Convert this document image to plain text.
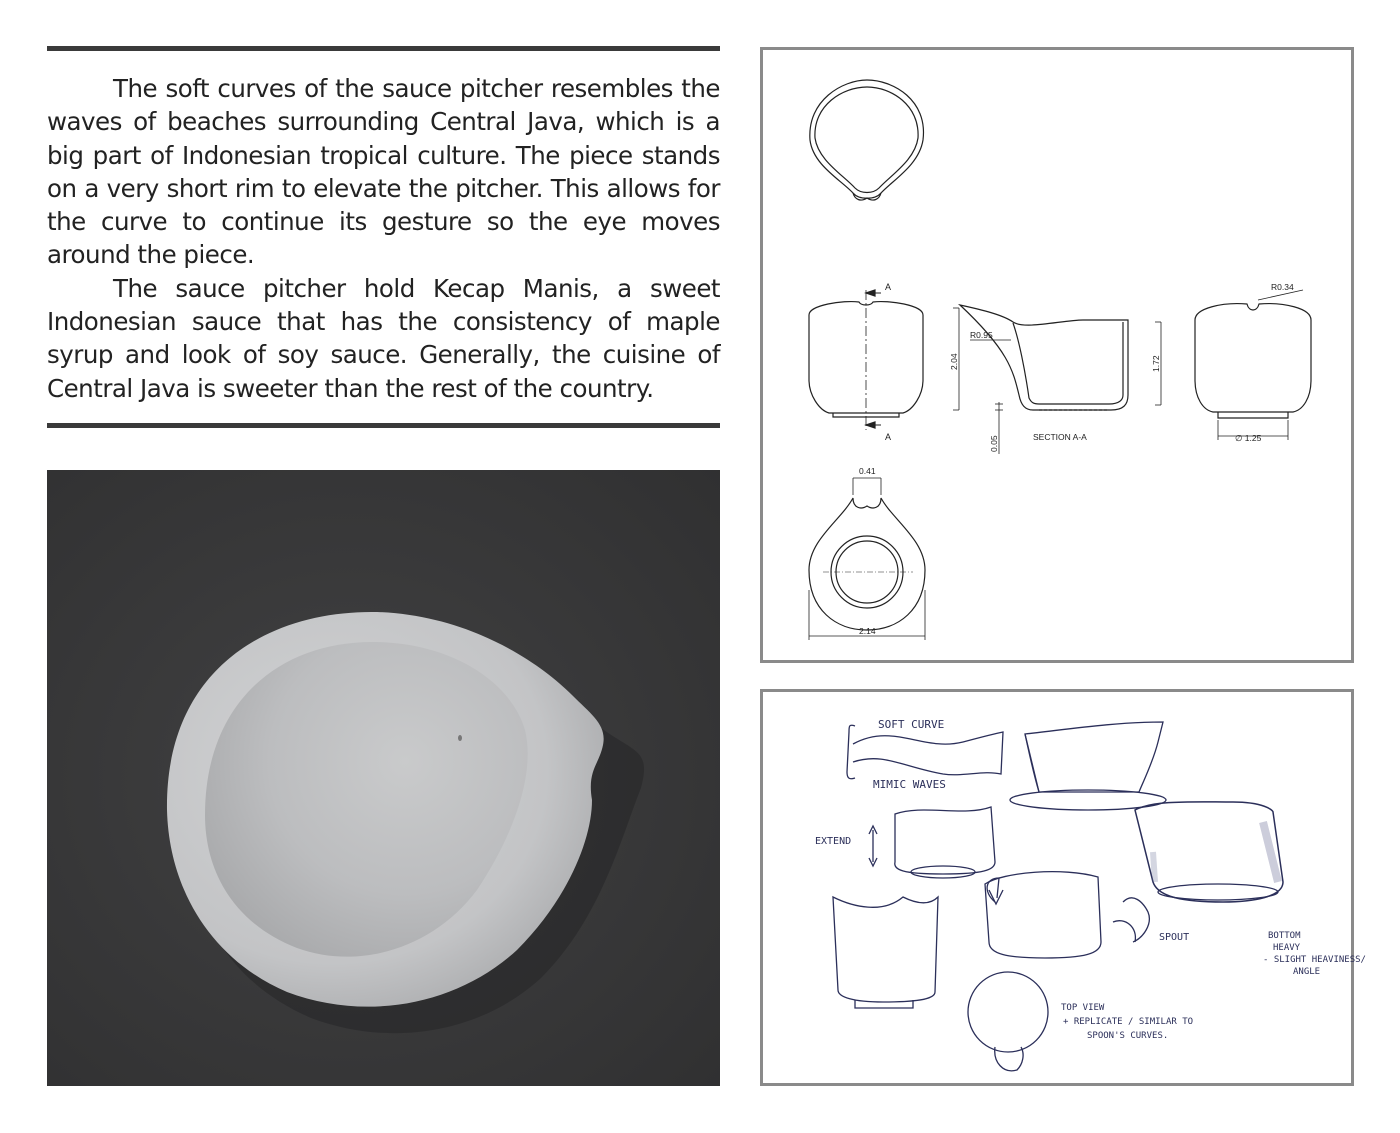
The soft curves of the sauce pitcher resembles the waves of beaches surrounding Central Java, which is a big part of Indonesian tropical culture. The piece stands on a very short rim to elevate the pitcher. This allows for the curve to continue its gesture so the eye moves around the piece.

The sauce pitcher hold Kecap Manis, a sweet Indonesian sauce that has the consistency of maple syrup and look of soy sauce. Generally, the cuisine of Central Java is sweeter than the rest of the country.

A
A
R0.95
2.04	1.72
0.05	SECTION A-A
R0.34
∅ 1.25
0.41
2.14
SOFT CURVE
MIMIC WAVES
EXTEND
BOTTOM
HEAVY
- SLIGHT HEAVINESS/
ANGLE
SPOUT
TOP VIEW
+ REPLICATE / SIMILAR TO
SPOON'S CURVES.
